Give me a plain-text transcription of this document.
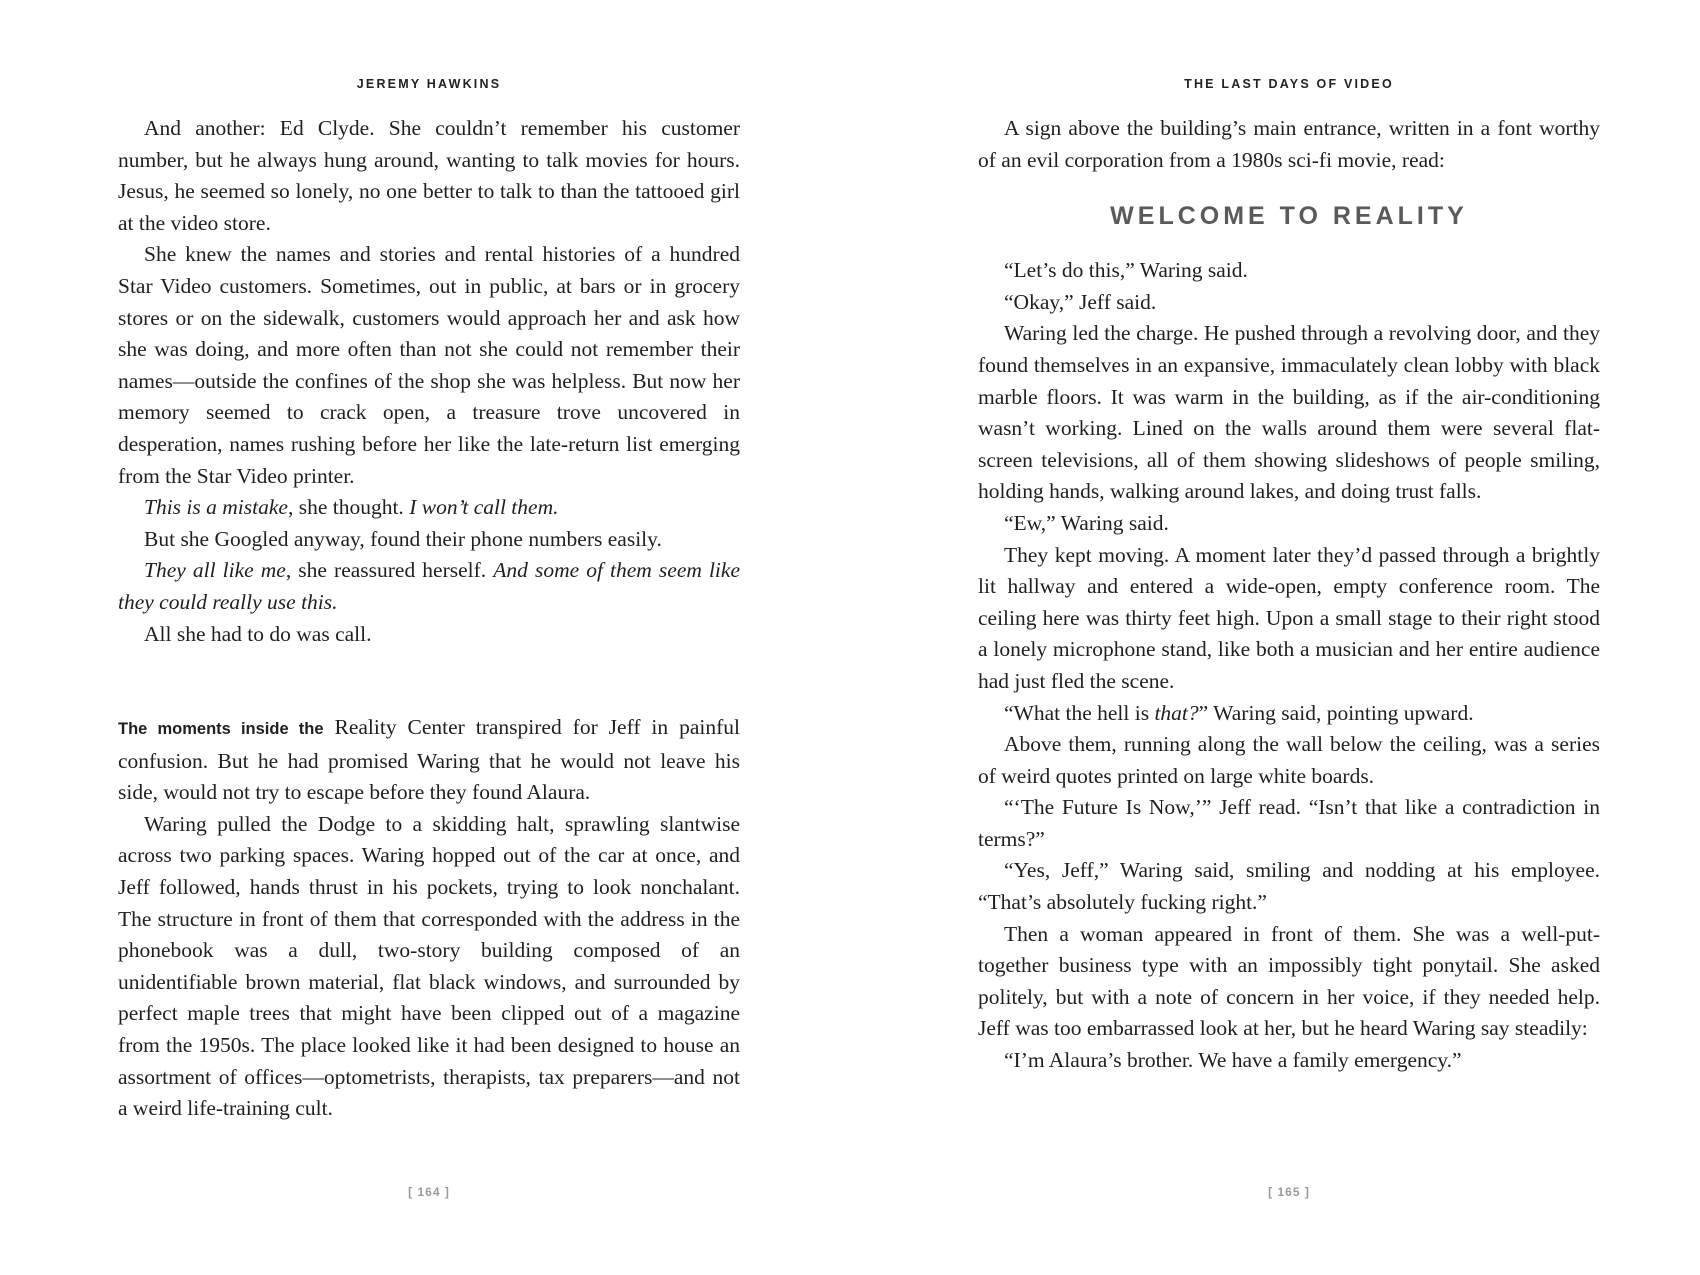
JEREMY HAWKINS

And another: Ed Clyde. She couldn’t remember his customer number, but he always hung around, wanting to talk movies for hours. Jesus, he seemed so lonely, no one better to talk to than the tattooed girl at the video store.

She knew the names and stories and rental histories of a hundred Star Video customers. Sometimes, out in public, at bars or in grocery stores or on the sidewalk, customers would approach her and ask how she was doing, and more often than not she could not remember their names—outside the confines of the shop she was helpless. But now her memory seemed to crack open, a treasure trove uncovered in desperation, names rushing before her like the late-return list emerging from the Star Video printer.

This is a mistake, she thought. I won’t call them.

But she Googled anyway, found their phone numbers easily.

They all like me, she reassured herself. And some of them seem like they could really use this.

All she had to do was call.

The moments inside the Reality Center transpired for Jeff in painful confusion. But he had promised Waring that he would not leave his side, would not try to escape before they found Alaura.

Waring pulled the Dodge to a skidding halt, sprawling slantwise across two parking spaces. Waring hopped out of the car at once, and Jeff followed, hands thrust in his pockets, trying to look nonchalant. The structure in front of them that corresponded with the address in the phonebook was a dull, two-story building composed of an unidentifiable brown material, flat black windows, and surrounded by perfect maple trees that might have been clipped out of a magazine from the 1950s. The place looked like it had been designed to house an assortment of offices—optometrists, therapists, tax preparers—and not a weird life-training cult.

[ 164 ]
THE LAST DAYS OF VIDEO

A sign above the building’s main entrance, written in a font worthy of an evil corporation from a 1980s sci-fi movie, read:

WELCOME TO REALITY

“Let’s do this,” Waring said.

“Okay,” Jeff said.

Waring led the charge. He pushed through a revolving door, and they found themselves in an expansive, immaculately clean lobby with black marble floors. It was warm in the building, as if the air-conditioning wasn’t working. Lined on the walls around them were several flat-screen televisions, all of them showing slideshows of people smiling, holding hands, walking around lakes, and doing trust falls.

“Ew,” Waring said.

They kept moving. A moment later they’d passed through a brightly lit hallway and entered a wide-open, empty conference room. The ceiling here was thirty feet high. Upon a small stage to their right stood a lonely microphone stand, like both a musician and her entire audience had just fled the scene.

“What the hell is that?” Waring said, pointing upward.

Above them, running along the wall below the ceiling, was a series of weird quotes printed on large white boards.

“‘The Future Is Now,’” Jeff read. “Isn’t that like a contradiction in terms?”

“Yes, Jeff,” Waring said, smiling and nodding at his employee. “That’s absolutely fucking right.”

Then a woman appeared in front of them. She was a well-put-together business type with an impossibly tight ponytail. She asked politely, but with a note of concern in her voice, if they needed help. Jeff was too embarrassed look at her, but he heard Waring say steadily:

“I’m Alaura’s brother. We have a family emergency.”

[ 165 ]
